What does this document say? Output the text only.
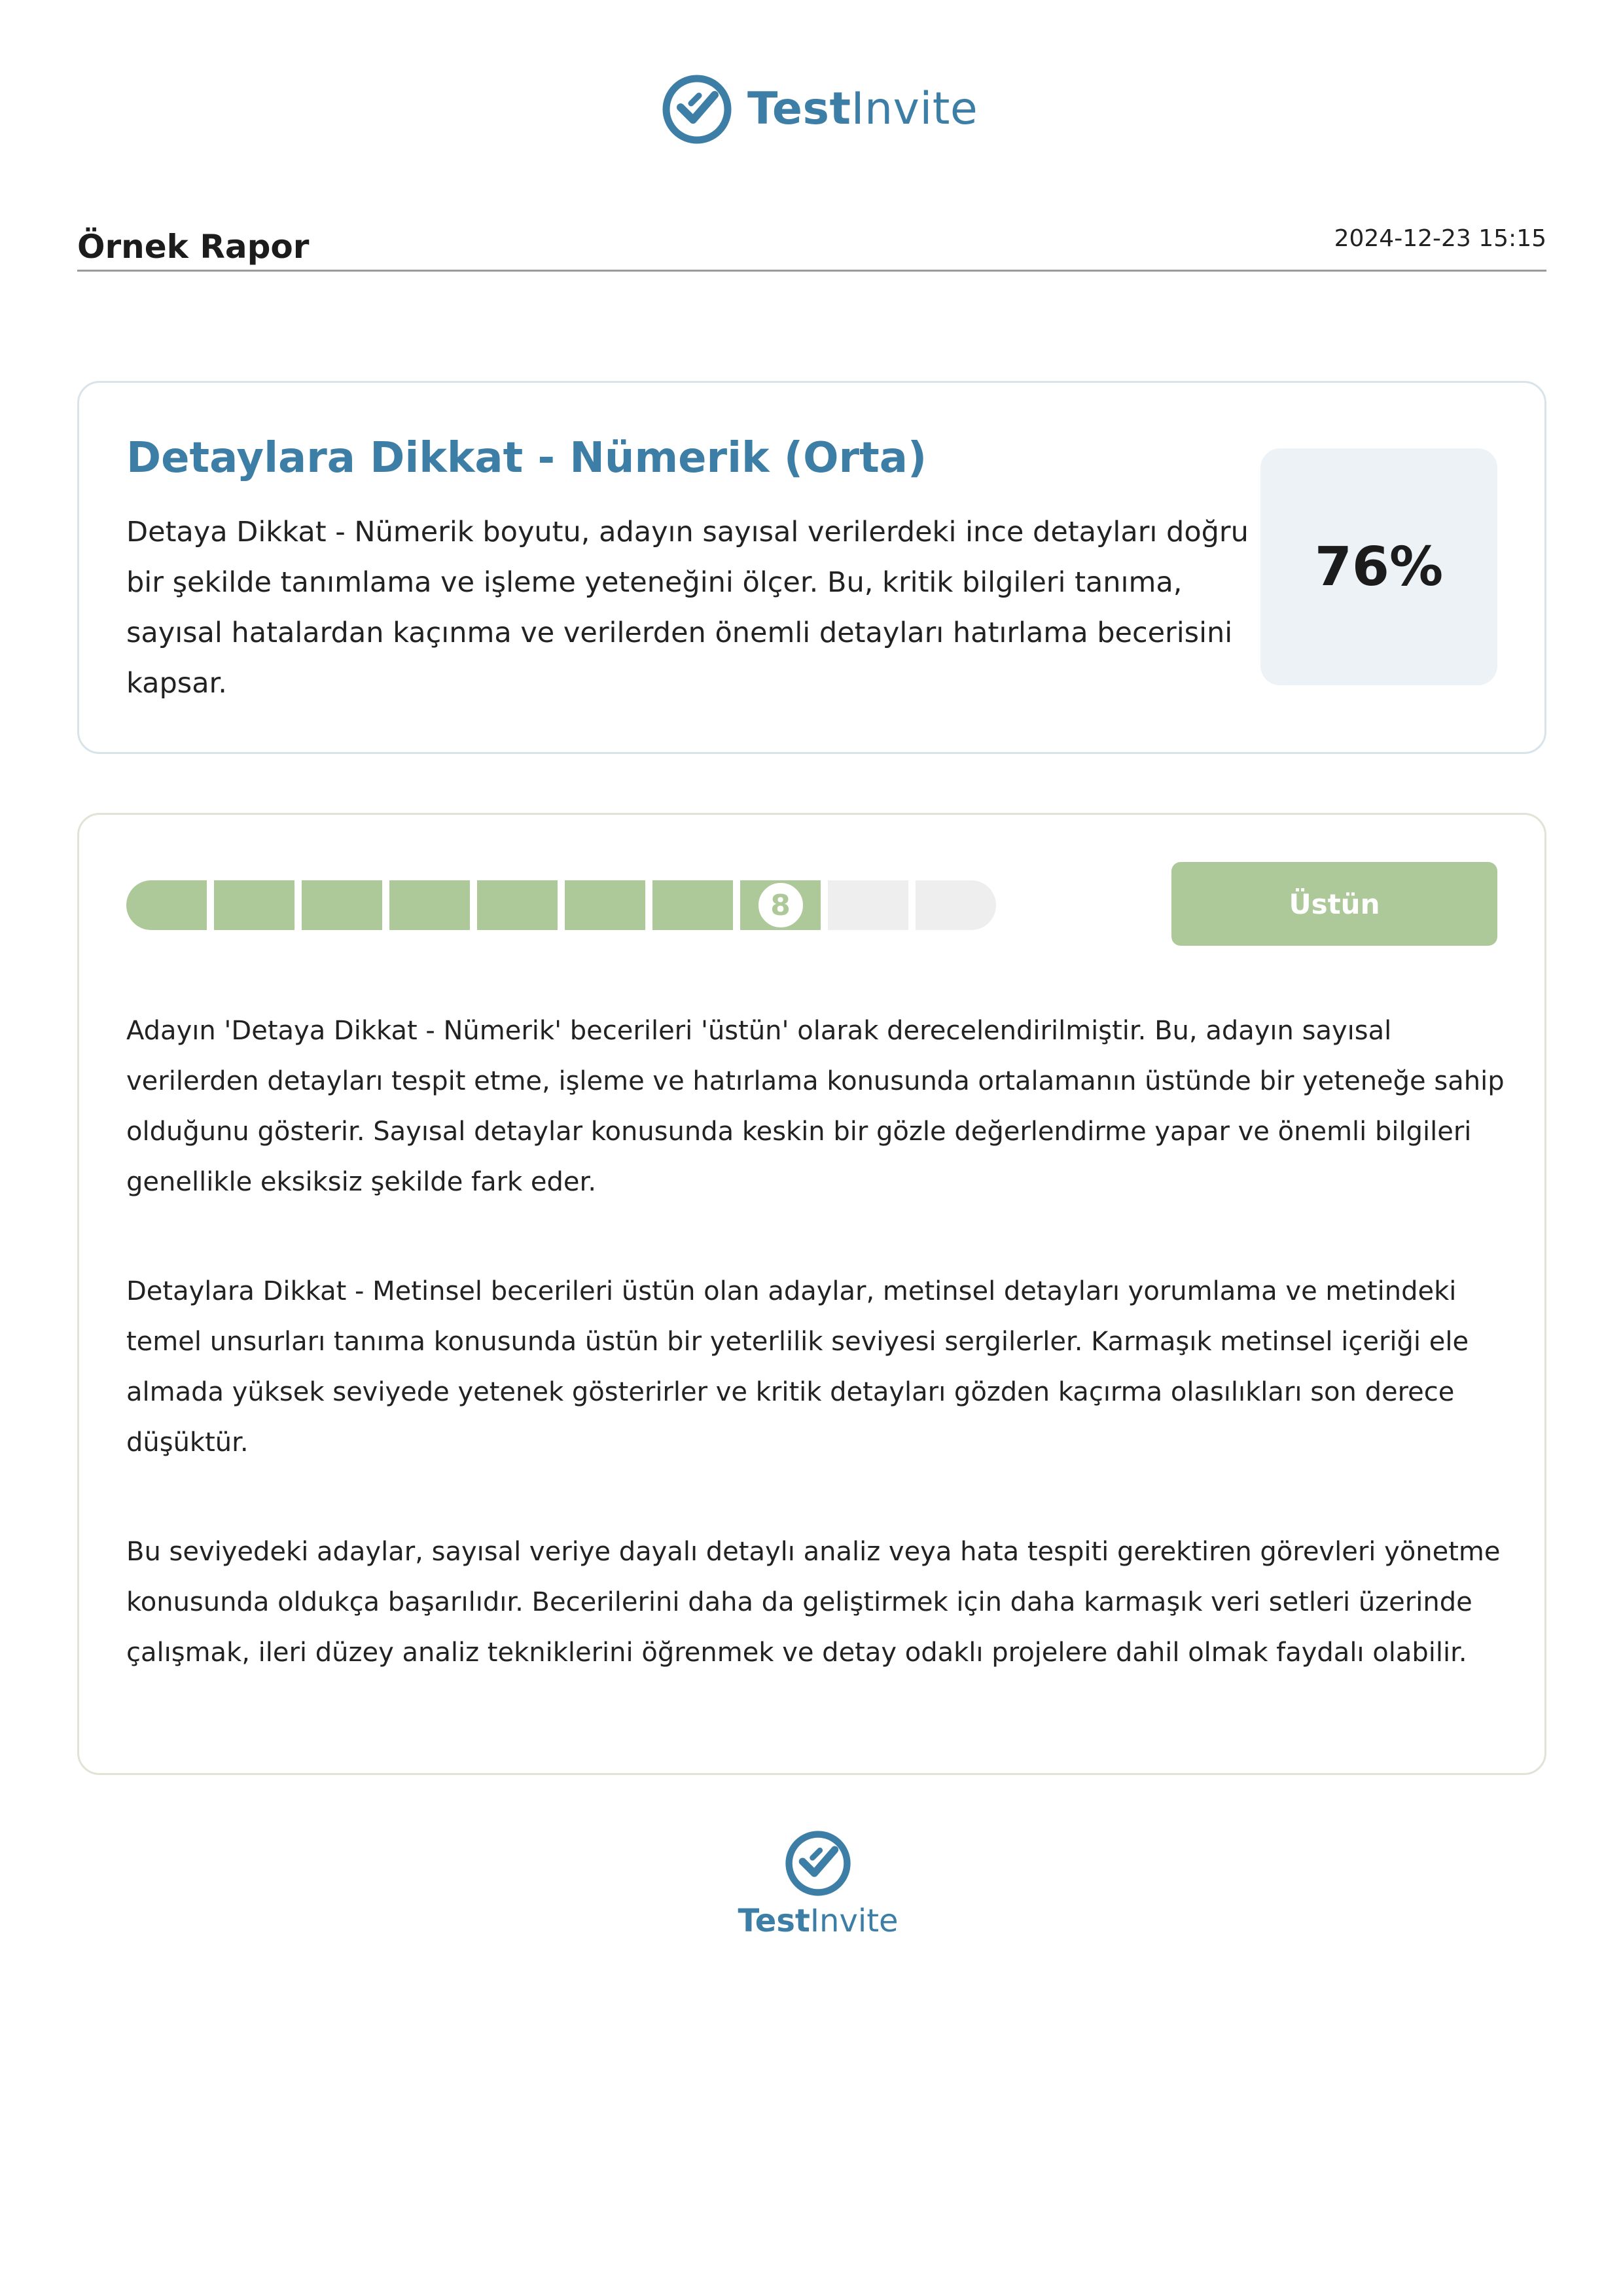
TestInvite
Örnek Rapor	2024-12-23 15:15
Detaylara Dikkat - Nümerik (Orta)
Detaya Dikkat - Nümerik boyutu, adayın sayısal verilerdeki ince detayları doğru bir şekilde tanımlama ve işleme yeteneğini ölçer. Bu, kritik bilgileri tanıma, sayısal hatalardan kaçınma ve verilerden önemli detayları hatırlama becerisini kapsar.
76%
8	Üstün

Adayın 'Detaya Dikkat - Nümerik' becerileri 'üstün' olarak derecelendirilmiştir. Bu, adayın sayısal verilerden detayları tespit etme, işleme ve hatırlama konusunda ortalamanın üstünde bir yeteneğe sahip olduğunu gösterir. Sayısal detaylar konusunda keskin bir gözle değerlendirme yapar ve önemli bilgileri genellikle eksiksiz şekilde fark eder.

Detaylara Dikkat - Metinsel becerileri üstün olan adaylar, metinsel detayları yorumlama ve metindeki temel unsurları tanıma konusunda üstün bir yeterlilik seviyesi sergilerler. Karmaşık metinsel içeriği ele almada yüksek seviyede yetenek gösterirler ve kritik detayları gözden kaçırma olasılıkları son derece düşüktür.

Bu seviyedeki adaylar, sayısal veriye dayalı detaylı analiz veya hata tespiti gerektiren görevleri yönetme konusunda oldukça başarılıdır. Becerilerini daha da geliştirmek için daha karmaşık veri setleri üzerinde çalışmak, ileri düzey analiz tekniklerini öğrenmek ve detay odaklı projelere dahil olmak faydalı olabilir.

TestInvite
